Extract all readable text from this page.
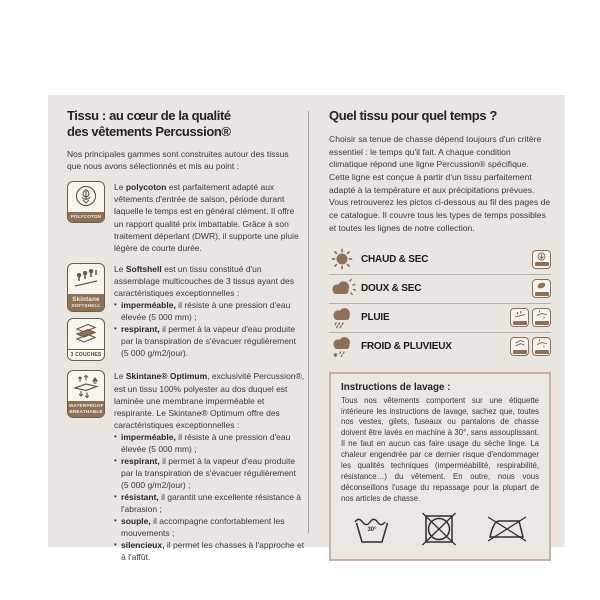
Tissu : au cœur de la qualité
des vêtements Percussion®
Nos principales gammes sont construites autour des tissus que nous avons sélectionnés et mis au point :
POLYCOTON
Le polycoton est parfaitement adapté aux vêtements d'entrée de saison, période durant laquelle le temps est en général clément. Il offre un rapport qualité prix imbattable. Grâce à son traitement déperlant (DWR), il supporte une pluie légère de courte durée.
Skintane
SOFTSHELL
3 COUCHES
Le Softshell est un tissu constitué d'un assemblage multicouches de 3 tissus ayant des caractéristiques exceptionnelles :
• imperméable, il résiste à une pression d'eau élevée (5 000 mm) ;
• respirant, il permet à la vapeur d'eau produite par la transpiration de s'évacuer régulièrement (5 000 g/m2/jour).
WATERPROOF
BREATHABLE
Le Skintane® Optimum, exclusivité Percussion®, est un tissu 100% polyester au dos duquel est laminée une membrane imperméable et respirante. Le Skintane® Optimum offre des caractéristiques exceptionnelles :
• imperméable, il résiste à une pression d'eau élevée (5 000 mm) ;
• respirant, il permet à la vapeur d'eau produite par la transpiration de s'évacuer régulièrement (5 000 g/m2/jour) ;
• résistant, il garantit une excellente résistance à l'abrasion ;
• souple, il accompagne confortablement les mouvements ;
• silencieux, il permet les chasses à l'approche et à l'affût.
Quel tissu pour quel temps ?
Choisir sa tenue de chasse dépend toujours d'un critère essentiel : le temps qu'il fait. A chaque condition climatique répond une ligne Percussion® spécifique. Cette ligne est conçue à partir d'un tissu parfaitement adapté à la température et aux précipitations prévues. Vous retrouverez les pictos ci-dessous au fil des pages de ce catalogue. Il couvre tous les types de temps possibles et toutes les lignes de notre collection.
CHAUD & SEC
DOUX & SEC
PLUIE
FROID & PLUVIEUX
Instructions de lavage :
Tous nos vêtements comportent sur une étiquette intérieure les instructions de lavage, sachez que, toutes nos vestes, gilets, fuseaux ou pantalons de chasse doivent être lavés en machine à 30°, sans assouplissant. Il ne faut en aucun cas faire usage du sèche linge. La chaleur engendrée par ce dernier risque d'endommager les qualités techniques (imperméabilité, respirabilité, résistance…) du vêtement. En outre, nous vous déconseillons l'usage du repassage pour la plupart de nos articles de chasse.
30°
